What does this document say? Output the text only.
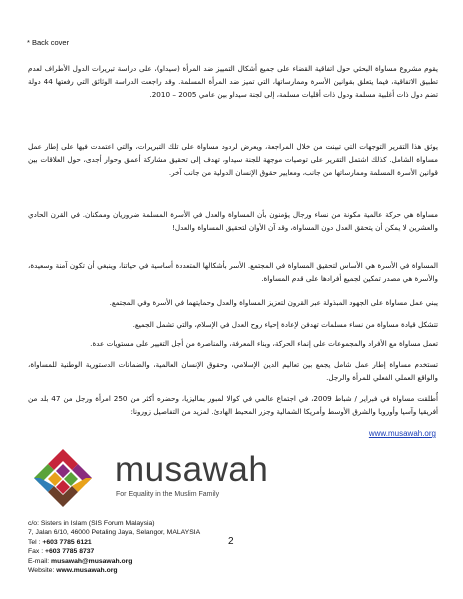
* Back cover

يقوم مشروع مساواة البحثي حول اتفاقية القضاء على جميع أشكال التمييز ضد المرأة (سيداو)، على دراسة تبريرات الدول الأطراف لعدم تطبيق الاتفاقية، فيما يتعلق بقوانين الأسرة وممارساتها، التي تميز ضد المرأة المسلمة. وقد راجعت الدراسة الوثائق التي رفعتها 44 دولة تضم دول ذات أغلبية مسلمة ودول ذات أقليات مسلمة، إلى لجنة سيداو بين عامي 2005 – 2010.

يوثق هذا التقرير التوجهات التي تبينت من خلال المراجعة، ويعرض لردود مساواة على تلك التبريرات، والتي اعتمدت فيها على إطار عمل مساواة الشامل. كذلك اشتمل التقرير على توصيات موجهة للجنة سيداو، تهدف إلى تحقيق مشاركة أعمق وحوار أجدى، حول العلاقات بين قوانين الأسرة المسلمة وممارساتها من جانب، ومعايير حقوق الإنسان الدولية من جانب آخر.

مساواة هي حركة عالمية مكونة من نساء ورجال يؤمنون بأن المساواة والعدل في الأسرة المسلمة ضروريان وممكنان. في القرن الحادي والعشرين لا يمكن أن يتحقق العدل دون المساواة، وقد آن الأوان لتحقيق المساواة والعدل!

المساواة في الأسرة هي الأساس لتحقيق المساواة في المجتمع. الأسر بأشكالها المتعددة أساسية في حياتنا، وينبغي أن تكون آمنة وسعيدة، والأسرة هي مصدر تمكين لجميع أفرادها على قدم المساواة.

يبني عمل مساواة على الجهود المبذولة عبر القرون لتعزيز المساواة والعدل وحمايتهما في الأسرة وفي المجتمع.

تتشكل قيادة مساواة من نساء مسلمات تهدفن لإعادة إحياء روح العدل في الإسلام، والتي تشمل الجميع.

تعمل مساواة مع الأفراد والمجموعات على إنماء الحركة، وبناء المعرفة، والمناصرة من أجل التغيير على مستويات عدة.

تستخدم مساواة إطار عمل شامل يجمع بين تعاليم الدين الإسلامي، وحقوق الإنسان العالمية، والضمانات الدستورية الوطنية للمساواة، والواقع العملي الفعلي للمرأة والرجل.

أُطلقت مساواة في فبراير / شباط 2009، في اجتماع عالمي في كوالا لمبور بماليزيا، وحضره أكثر من 250 امرأة ورجل من 47 بلد من أفريقيا وآسيا وأوروبا والشرق الأوسط وأمريكا الشمالية وجزر المحيط الهادئ. لمزيد من التفاصيل زورونا:

www.musawah.org
musawah
For Equality in the Muslim Family
c/o: Sisters in Islam (SIS Forum Malaysia)
7, Jalan 6/10, 46000 Petaling Jaya, Selangor, MALAYSIA
Tel : +603 7785 6121
Fax : +603 7785 8737
E-mail: musawah@musawah.org
Website: www.musawah.org
2
